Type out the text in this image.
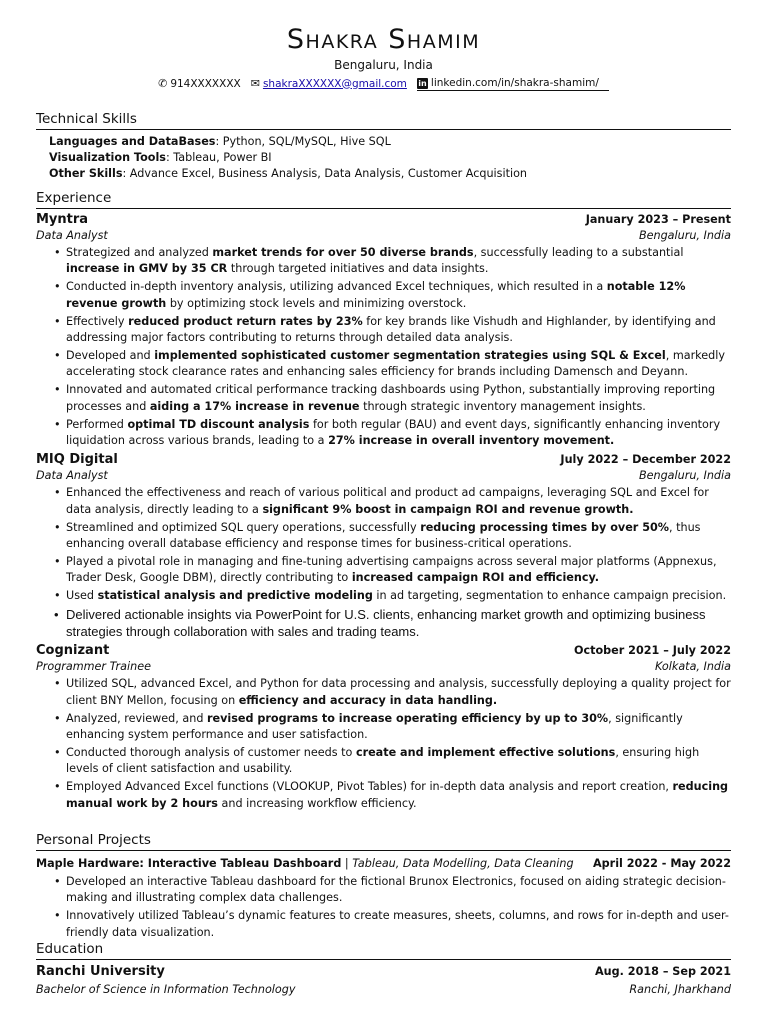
Shakra Shamim
Bengaluru, India
✆ 914XXXXXXX ✉ shakraXXXXXX@gmail.com in linkedin.com/in/shakra-shamim/
Technical Skills
Languages and DataBases: Python, SQL/MySQL, Hive SQL
Visualization Tools: Tableau, Power BI
Other Skills: Advance Excel, Business Analysis, Data Analysis, Customer Acquisition
Experience
Myntra	January 2023 – Present
Data Analyst	Bengaluru, India
• Strategized and analyzed market trends for over 50 diverse brands, successfully leading to a substantial increase in GMV by 35 CR through targeted initiatives and data insights.
• Conducted in-depth inventory analysis, utilizing advanced Excel techniques, which resulted in a notable 12% revenue growth by optimizing stock levels and minimizing overstock.
• Effectively reduced product return rates by 23% for key brands like Vishudh and Highlander, by identifying and addressing major factors contributing to returns through detailed data analysis.
• Developed and implemented sophisticated customer segmentation strategies using SQL & Excel, markedly accelerating stock clearance rates and enhancing sales efficiency for brands including Damensch and Deyann.
• Innovated and automated critical performance tracking dashboards using Python, substantially improving reporting processes and aiding a 17% increase in revenue through strategic inventory management insights.
• Performed optimal TD discount analysis for both regular (BAU) and event days, significantly enhancing inventory liquidation across various brands, leading to a 27% increase in overall inventory movement.
MIQ Digital	July 2022 – December 2022
Data Analyst	Bengaluru, India
• Enhanced the effectiveness and reach of various political and product ad campaigns, leveraging SQL and Excel for data analysis, directly leading to a significant 9% boost in campaign ROI and revenue growth.
• Streamlined and optimized SQL query operations, successfully reducing processing times by over 50%, thus enhancing overall database efficiency and response times for business-critical operations.
• Played a pivotal role in managing and fine-tuning advertising campaigns across several major platforms (Appnexus, Trader Desk, Google DBM), directly contributing to increased campaign ROI and efficiency.
• Used statistical analysis and predictive modeling in ad targeting, segmentation to enhance campaign precision.
• Delivered actionable insights via PowerPoint for U.S. clients, enhancing market growth and optimizing business strategies through collaboration with sales and trading teams.
Cognizant	October 2021 – July 2022
Programmer Trainee	Kolkata, India
• Utilized SQL, advanced Excel, and Python for data processing and analysis, successfully deploying a quality project for client BNY Mellon, focusing on efficiency and accuracy in data handling.
• Analyzed, reviewed, and revised programs to increase operating efficiency by up to 30%, significantly enhancing system performance and user satisfaction.
• Conducted thorough analysis of customer needs to create and implement effective solutions, ensuring high levels of client satisfaction and usability.
• Employed Advanced Excel functions (VLOOKUP, Pivot Tables) for in-depth data analysis and report creation, reducing manual work by 2 hours and increasing workflow efficiency.
Personal Projects
Maple Hardware: Interactive Tableau Dashboard | Tableau, Data Modelling, Data Cleaning April 2022 - May 2022
• Developed an interactive Tableau dashboard for the fictional Brunox Electronics, focused on aiding strategic decision-making and illustrating complex data challenges.
• Innovatively utilized Tableau’s dynamic features to create measures, sheets, columns, and rows for in-depth and user-friendly data visualization.
Education
Ranchi University	Aug. 2018 – Sep 2021
Bachelor of Science in Information Technology	Ranchi, Jharkhand
